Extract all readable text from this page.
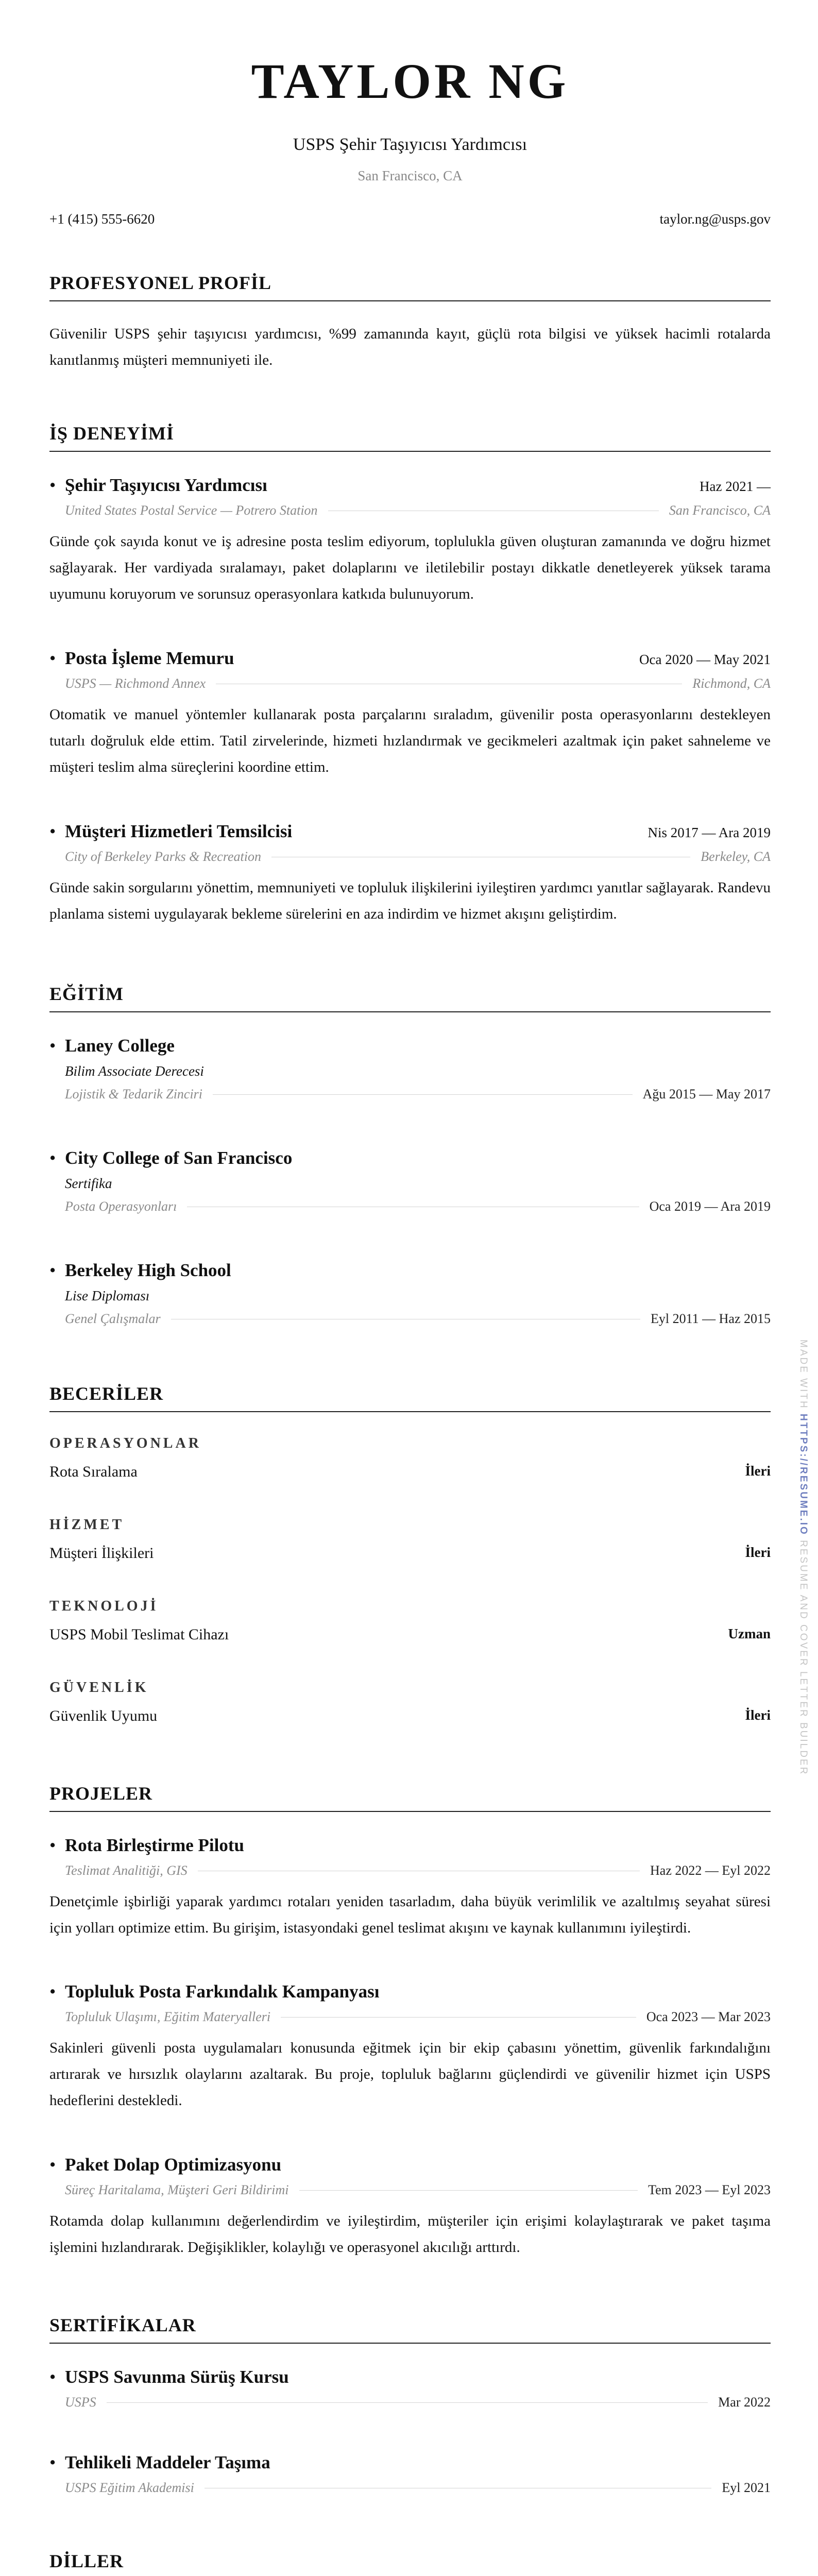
TAYLOR NG
USPS Şehir Taşıyıcısı Yardımcısı
San Francisco, CA
+1 (415) 555-6620	taylor.ng@usps.gov
PROFESYONEL PROFİL

Güvenilir USPS şehir taşıyıcısı yardımcısı, %99 zamanında kayıt, güçlü rota bilgisi ve yüksek hacimli rotalarda kanıtlanmış müşteri memnuniyeti ile.

İŞ DENEYİMİ
• Şehir Taşıyıcısı Yardımcısı	Haz 2021 —
United States Postal Service — Potrero Station	San Francisco, CA
Günde çok sayıda konut ve iş adresine posta teslim ediyorum, toplulukla güven oluşturan zamanında ve doğru hizmet sağlayarak. Her vardiyada sıralamayı, paket dolaplarını ve iletilebilir postayı dikkatle denetleyerek yüksek tarama uyumunu koruyorum ve sorunsuz operasyonlara katkıda bulunuyorum.
• Posta İşleme Memuru	Oca 2020 — May 2021
USPS — Richmond Annex	Richmond, CA
Otomatik ve manuel yöntemler kullanarak posta parçalarını sıraladım, güvenilir posta operasyonlarını destekleyen tutarlı doğruluk elde ettim. Tatil zirvelerinde, hizmeti hızlandırmak ve gecikmeleri azaltmak için paket sahneleme ve müşteri teslim alma süreçlerini koordine ettim.
• Müşteri Hizmetleri Temsilcisi	Nis 2017 — Ara 2019
City of Berkeley Parks & Recreation	Berkeley, CA
Günde sakin sorgularını yönettim, memnuniyeti ve topluluk ilişkilerini iyileştiren yardımcı yanıtlar sağlayarak. Randevu planlama sistemi uygulayarak bekleme sürelerini en aza indirdim ve hizmet akışını geliştirdim.
EĞİTİM
• Laney College
Bilim Associate Derecesi
Lojistik & Tedarik Zinciri	Ağu 2015 — May 2017
• City College of San Francisco
Sertifika
Posta Operasyonları	Oca 2019 — Ara 2019
• Berkeley High School
Lise Diploması
Genel Çalışmalar	Eyl 2011 — Haz 2015
BECERİLER
OPERASYONLAR
Rota Sıralama	İleri
HİZMET
Müşteri İlişkileri	İleri
TEKNOLOJİ
USPS Mobil Teslimat Cihazı	Uzman
GÜVENLİK
Güvenlik Uyumu	İleri
PROJELER
• Rota Birleştirme Pilotu
Teslimat Analitiği, GIS	Haz 2022 — Eyl 2022
Denetçimle işbirliği yaparak yardımcı rotaları yeniden tasarladım, daha büyük verimlilik ve azaltılmış seyahat süresi için yolları optimize ettim. Bu girişim, istasyondaki genel teslimat akışını ve kaynak kullanımını iyileştirdi.
• Topluluk Posta Farkındalık Kampanyası
Topluluk Ulaşımı, Eğitim Materyalleri	Oca 2023 — Mar 2023
Sakinleri güvenli posta uygulamaları konusunda eğitmek için bir ekip çabasını yönettim, güvenlik farkındalığını artırarak ve hırsızlık olaylarını azaltarak. Bu proje, topluluk bağlarını güçlendirdi ve güvenilir hizmet için USPS hedeflerini destekledi.
• Paket Dolap Optimizasyonu
Süreç Haritalama, Müşteri Geri Bildirimi	Tem 2023 — Eyl 2023
Rotamda dolap kullanımını değerlendirdim ve iyileştirdim, müşteriler için erişimi kolaylaştırarak ve paket taşıma işlemini hızlandırarak. Değişiklikler, kolaylığı ve operasyonel akıcılığı arttırdı.
SERTİFİKALAR
• USPS Savunma Sürüş Kursu
USPS	Mar 2022
• Tehlikeli Maddeler Taşıma
USPS Eğitim Akademisi	Eyl 2021
DİLLER
MADE WITH HTTPS://RESUME.IO RESUME AND COVER LETTER BUILDER
